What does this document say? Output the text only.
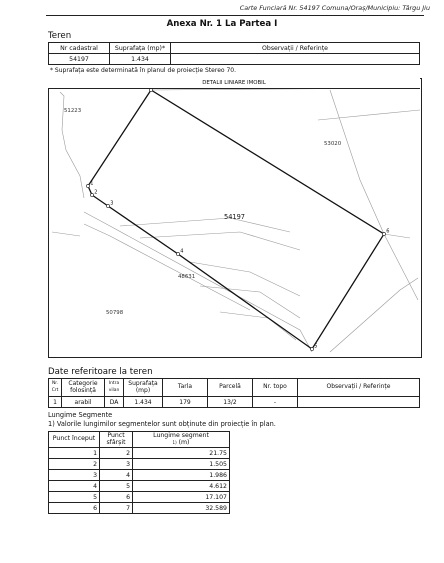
Carte Funciară Nr. 54197 Comuna/Oraș/Municipiu: Târgu Jiu
Anexa Nr. 1 La Partea I
Teren
Nr cadastral	Suprafața (mp)*	Observații / Referințe
54197	1.434	
* Suprafața este determinată în planul de proiecție Stereo 70.
1
2
3
4
5
6
54197
51223
53020
48631
50798
DETALII LINIARE IMOBIL
Date referitoare la teren
Nr. Crt	Categorie folosință	Intra vilan	Suprafața (mp)	Tarla	Parcelă	Nr. topo	Observații / Referințe
1	arabil	DA	1.434	179	13/2	-	
Lungime Segmente
1) Valorile lungimilor segmentelor sunt obținute din proiecție în plan.
Punct început	Punct sfârșit	Lungime segment
1) (m)
1	2	21.75
2	3	1.505
3	4	1.986
4	5	4.612
5	6	17.107
6	7	32.589
